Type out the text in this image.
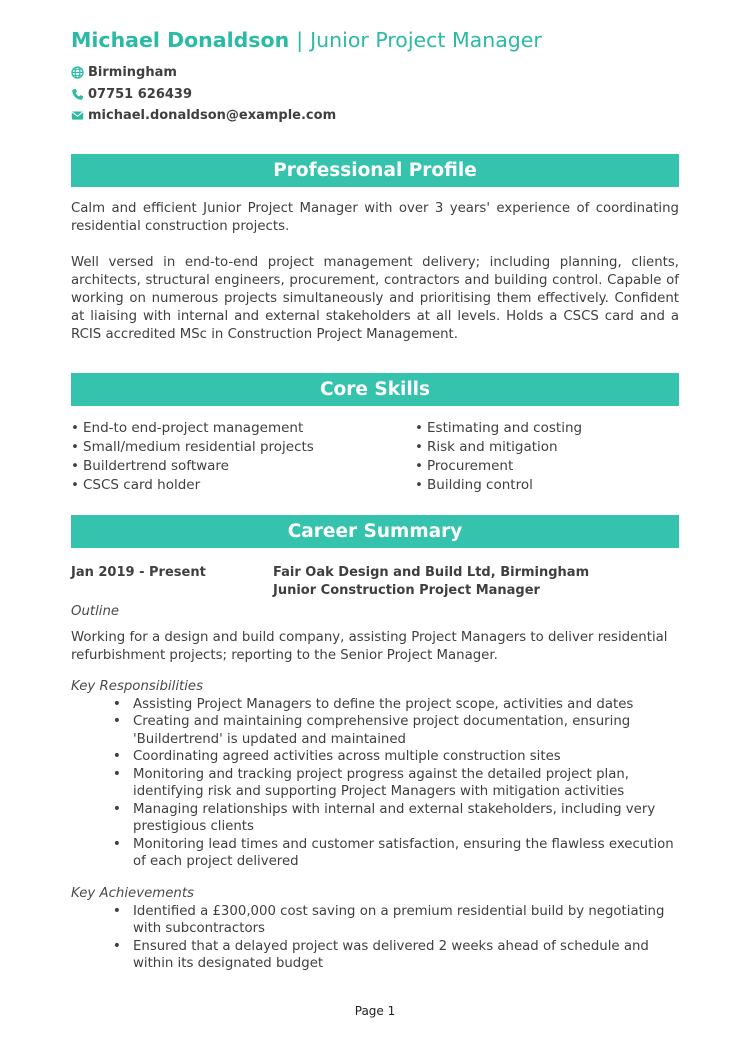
Michael Donaldson | Junior Project Manager
Birmingham
07751 626439
michael.donaldson@example.com
Professional Profile

Calm and efficient Junior Project Manager with over 3 years' experience of coordinating residential construction projects.

Well versed in end-to-end project management delivery; including planning, clients, architects, structural engineers, procurement, contractors and building control. Capable of working on numerous projects simultaneously and prioritising them effectively. Confident at liaising with internal and external stakeholders at all levels. Holds a CSCS card and a RCIS accredited MSc in Construction Project Management.

Core Skills
• End-to end-project management
• Small/medium residential projects
• Buildertrend software
• CSCS card holder
• Estimating and costing
• Risk and mitigation
• Procurement
• Building control
Career Summary
Jan 2019 - Present	Fair Oak Design and Build Ltd, Birmingham
Junior Construction Project Manager
Outline

Working for a design and build company, assisting Project Managers to deliver residential refurbishment projects; reporting to the Senior Project Manager.

Key Responsibilities
• Assisting Project Managers to define the project scope, activities and dates
• Creating and maintaining comprehensive project documentation, ensuring 'Buildertrend' is updated and maintained
• Coordinating agreed activities across multiple construction sites
• Monitoring and tracking project progress against the detailed project plan, identifying risk and supporting Project Managers with mitigation activities
• Managing relationships with internal and external stakeholders, including very prestigious clients
• Monitoring lead times and customer satisfaction, ensuring the flawless execution of each project delivered
Key Achievements
• Identified a £300,000 cost saving on a premium residential build by negotiating with subcontractors
• Ensured that a delayed project was delivered 2 weeks ahead of schedule and within its designated budget
Page 1
